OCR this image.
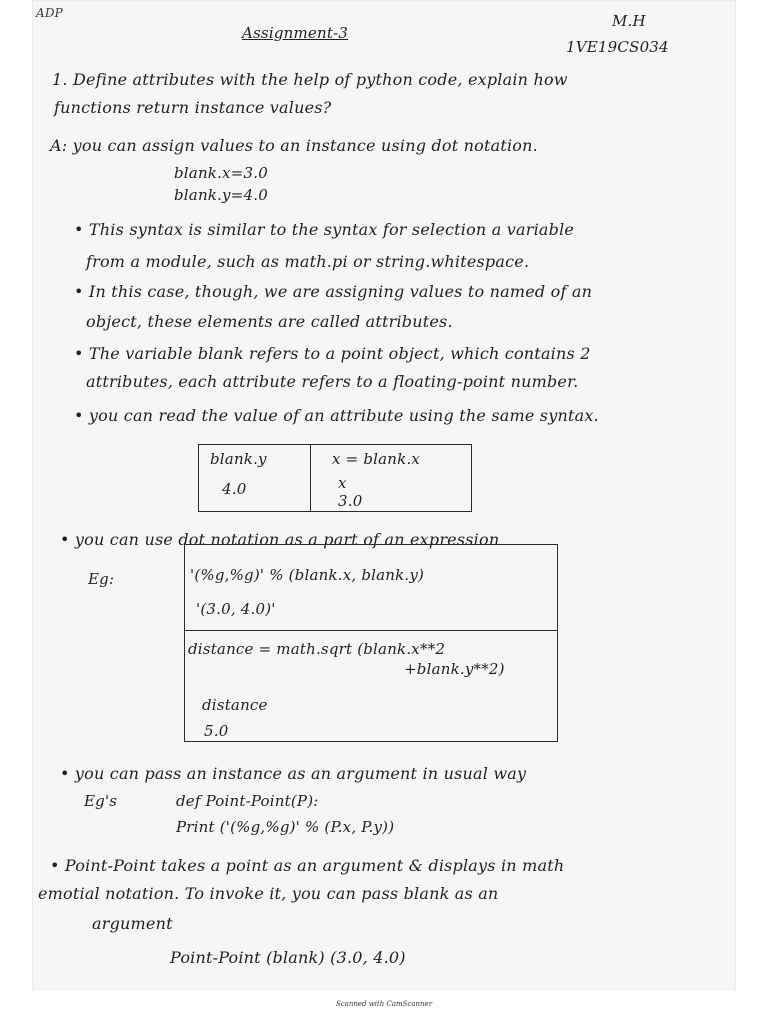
ADP
Assignment-3
M.H
1VE19CS034
1. Define attributes with the help of python code, explain how
functions return instance values?
A: you can assign values to an instance using dot notation.
blank.x=3.0
blank.y=4.0
• This syntax is similar to the syntax for selection a variable
from a module, such as math.pi or string.whitespace.
• In this case, though, we are assigning values to named of an
object, these elements are called attributes.
• The variable blank refers to a point object, which contains 2
attributes, each attribute refers to a floating-point number.
• you can read the value of an attribute using the same syntax.
blank.y
4.0
x = blank.x
x
3.0
• you can use dot notation as a part of an expression
Eg:	'(%g,%g)' % (blank.x, blank.y)
'(3.0, 4.0)'
distance = math.sqrt (blank.x**2
+blank.y**2)
distance
5.0
• you can pass an instance as an argument in usual way
Eg's	def Point-Point(P):
Print ('(%g,%g)' % (P.x, P.y))
• Point-Point takes a point as an argument & displays in math
emotial notation. To invoke it, you can pass blank as an
argument
Point-Point (blank) (3.0, 4.0)
Scanned with CamScanner
